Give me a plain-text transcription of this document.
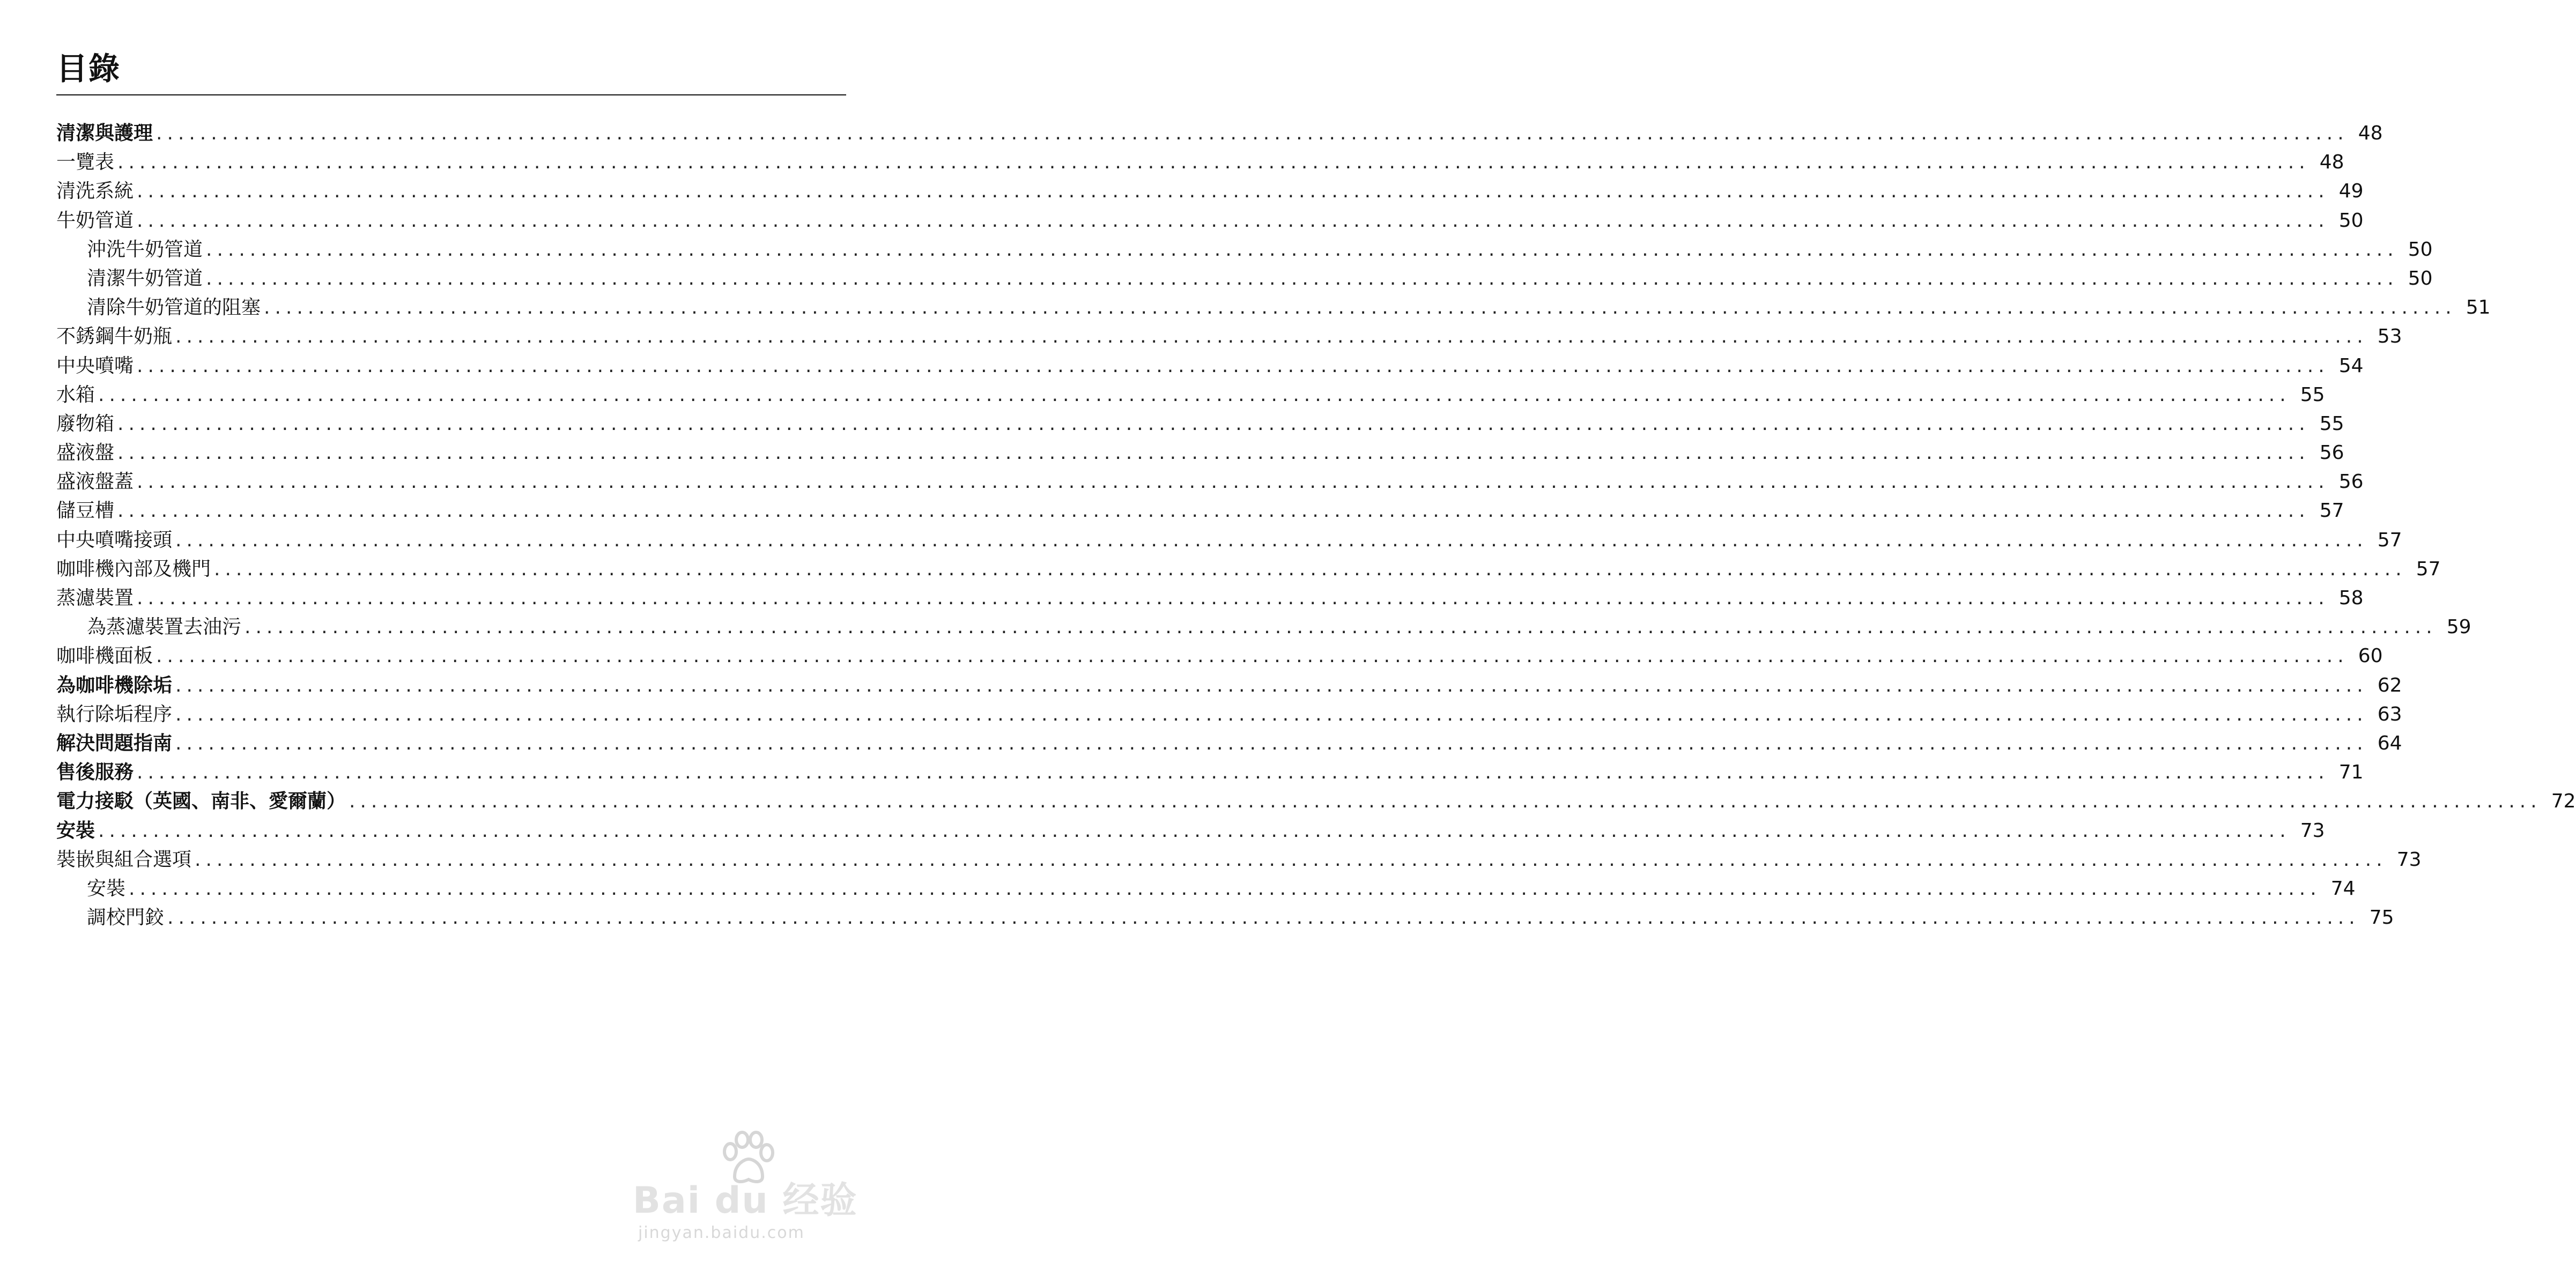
目錄
清潔與護理 ........................................................................................................................................................................................................ 48
一覽表 ........................................................................................................................................................................................................ 48
清洗系統 ........................................................................................................................................................................................................ 49
牛奶管道 ........................................................................................................................................................................................................ 50
沖洗牛奶管道 ........................................................................................................................................................................................................ 50
清潔牛奶管道 ........................................................................................................................................................................................................ 50
清除牛奶管道的阻塞 ........................................................................................................................................................................................................ 51
不銹鋼牛奶瓶 ........................................................................................................................................................................................................ 53
中央噴嘴 ........................................................................................................................................................................................................ 54
水箱 ........................................................................................................................................................................................................ 55
廢物箱 ........................................................................................................................................................................................................ 55
盛液盤 ........................................................................................................................................................................................................ 56
盛液盤蓋 ........................................................................................................................................................................................................ 56
儲豆槽 ........................................................................................................................................................................................................ 57
中央噴嘴接頭 ........................................................................................................................................................................................................ 57
咖啡機內部及機門 ........................................................................................................................................................................................................ 57
蒸濾裝置 ........................................................................................................................................................................................................ 58
為蒸濾裝置去油污 ........................................................................................................................................................................................................ 59
咖啡機面板 ........................................................................................................................................................................................................ 60
為咖啡機除垢 ........................................................................................................................................................................................................ 62
執行除垢程序 ........................................................................................................................................................................................................ 63
解決問題指南 ........................................................................................................................................................................................................ 64
售後服務 ........................................................................................................................................................................................................ 71
電力接駁（英國、南非、愛爾蘭） ........................................................................................................................................................................................................ 72
安裝 ........................................................................................................................................................................................................ 73
裝嵌與組合選項 ........................................................................................................................................................................................................ 73
安裝 ........................................................................................................................................................................................................ 74
調校門鉸 ........................................................................................................................................................................................................ 75
Bai du 经验
jingyan.baidu.com
